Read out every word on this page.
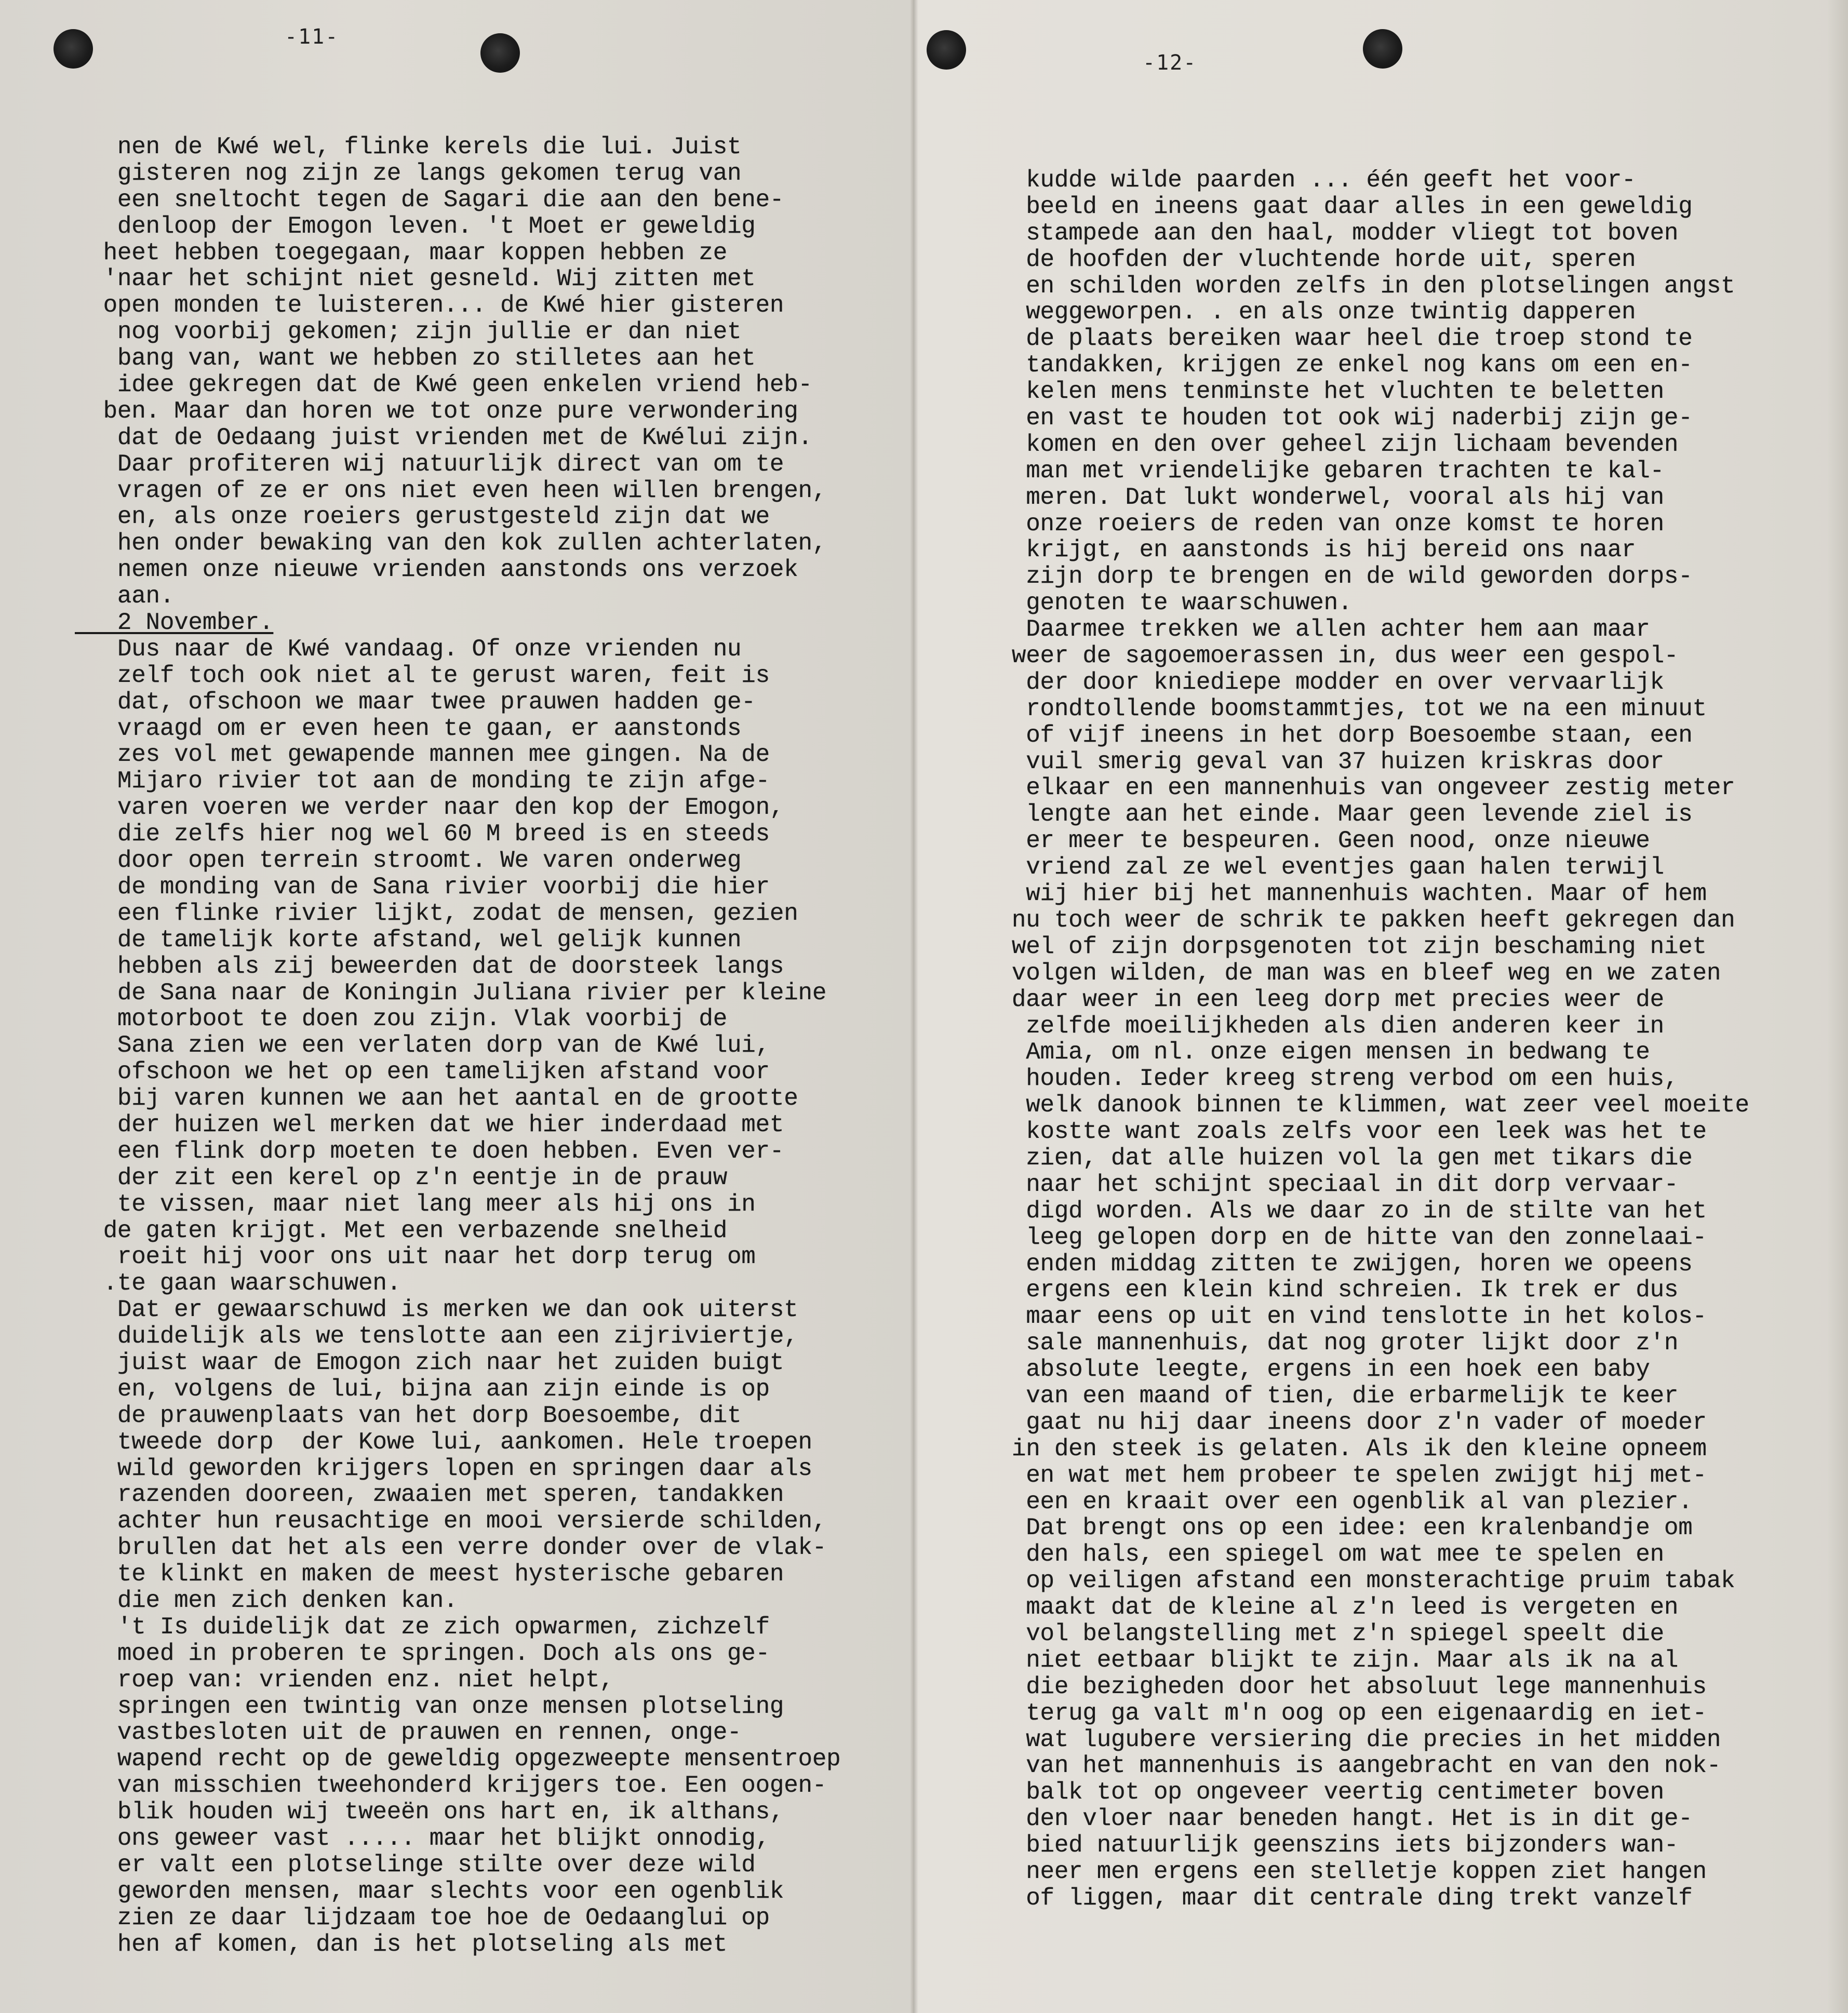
-11-
nen de Kwé wel, flinke kerels die lui. Juist
gisteren nog zijn ze langs gekomen terug van
een sneltocht tegen de Sagari die aan den bene-
denloop der Emogon leven. 't Moet er geweldig
heet hebben toegegaan, maar koppen hebben ze
'naar het schijnt niet gesneld. Wij zitten met
open monden te luisteren... de Kwé hier gisteren
nog voorbij gekomen; zijn jullie er dan niet
bang van, want we hebben zo stilletes aan het
idee gekregen dat de Kwé geen enkelen vriend heb-
ben. Maar dan horen we tot onze pure verwondering
dat de Oedaang juist vrienden met de Kwélui zijn.
Daar profiteren wij natuurlijk direct van om te
vragen of ze er ons niet even heen willen brengen,
en, als onze roeiers gerustgesteld zijn dat we
hen onder bewaking van den kok zullen achterlaten,
nemen onze nieuwe vrienden aanstonds ons verzoek
aan.
2 November.
Dus naar de Kwé vandaag. Of onze vrienden nu
zelf toch ook niet al te gerust waren, feit is
dat, ofschoon we maar twee prauwen hadden ge-
vraagd om er even heen te gaan, er aanstonds
zes vol met gewapende mannen mee gingen. Na de
Mijaro rivier tot aan de monding te zijn afge-
varen voeren we verder naar den kop der Emogon,
die zelfs hier nog wel 60 M breed is en steeds
door open terrein stroomt. We varen onderweg
de monding van de Sana rivier voorbij die hier
een flinke rivier lijkt, zodat de mensen, gezien
de tamelijk korte afstand, wel gelijk kunnen
hebben als zij beweerden dat de doorsteek langs
de Sana naar de Koningin Juliana rivier per kleine
motorboot te doen zou zijn. Vlak voorbij de
Sana zien we een verlaten dorp van de Kwé lui,
ofschoon we het op een tamelijken afstand voor
bij varen kunnen we aan het aantal en de grootte
der huizen wel merken dat we hier inderdaad met
een flink dorp moeten te doen hebben. Even ver-
der zit een kerel op z'n eentje in de prauw
te vissen, maar niet lang meer als hij ons in
de gaten krijgt. Met een verbazende snelheid
roeit hij voor ons uit naar het dorp terug om
.te gaan waarschuwen.
Dat er gewaarschuwd is merken we dan ook uiterst
duidelijk als we tenslotte aan een zijriviertje,
juist waar de Emogon zich naar het zuiden buigt
en, volgens de lui, bijna aan zijn einde is op
de prauwenplaats van het dorp Boesoembe, dit
tweede dorp  der Kowe lui, aankomen. Hele troepen
wild geworden krijgers lopen en springen daar als
razenden dooreen, zwaaien met speren, tandakken
achter hun reusachtige en mooi versierde schilden,
brullen dat het als een verre donder over de vlak-
te klinkt en maken de meest hysterische gebaren
die men zich denken kan.
't Is duidelijk dat ze zich opwarmen, zichzelf
moed in proberen te springen. Doch als ons ge-
roep van: vrienden enz. niet helpt,
springen een twintig van onze mensen plotseling
vastbesloten uit de prauwen en rennen, onge-
wapend recht op de geweldig opgezweepte mensentroep
van misschien tweehonderd krijgers toe. Een oogen-
blik houden wij tweeën ons hart en, ik althans,
ons geweer vast ..... maar het blijkt onnodig,
er valt een plotselinge stilte over deze wild
geworden mensen, maar slechts voor een ogenblik
zien ze daar lijdzaam toe hoe de Oedaanglui op
hen af komen, dan is het plotseling als met
-12-
kudde wilde paarden ... één geeft het voor-
beeld en ineens gaat daar alles in een geweldig
stampede aan den haal, modder vliegt tot boven
de hoofden der vluchtende horde uit, speren
en schilden worden zelfs in den plotselingen angst
weggeworpen. . en als onze twintig dapperen
de plaats bereiken waar heel die troep stond te
tandakken, krijgen ze enkel nog kans om een en-
kelen mens tenminste het vluchten te beletten
en vast te houden tot ook wij naderbij zijn ge-
komen en den over geheel zijn lichaam bevenden
man met vriendelijke gebaren trachten te kal-
meren. Dat lukt wonderwel, vooral als hij van
onze roeiers de reden van onze komst te horen
krijgt, en aanstonds is hij bereid ons naar
zijn dorp te brengen en de wild geworden dorps-
genoten te waarschuwen.
Daarmee trekken we allen achter hem aan maar
weer de sagoemoerassen in, dus weer een gespol-
der door kniediepe modder en over vervaarlijk
rondtollende boomstammtjes, tot we na een minuut
of vijf ineens in het dorp Boesoembe staan, een
vuil smerig geval van 37 huizen kriskras door
elkaar en een mannenhuis van ongeveer zestig meter
lengte aan het einde. Maar geen levende ziel is
er meer te bespeuren. Geen nood, onze nieuwe
vriend zal ze wel eventjes gaan halen terwijl
wij hier bij het mannenhuis wachten. Maar of hem
nu toch weer de schrik te pakken heeft gekregen dan
wel of zijn dorpsgenoten tot zijn beschaming niet
volgen wilden, de man was en bleef weg en we zaten
daar weer in een leeg dorp met precies weer de
zelfde moeilijkheden als dien anderen keer in
Amia, om nl. onze eigen mensen in bedwang te
houden. Ieder kreeg streng verbod om een huis,
welk danook binnen te klimmen, wat zeer veel moeite
kostte want zoals zelfs voor een leek was het te
zien, dat alle huizen vol la gen met tikars die
naar het schijnt speciaal in dit dorp vervaar-
digd worden. Als we daar zo in de stilte van het
leeg gelopen dorp en de hitte van den zonnelaai-
enden middag zitten te zwijgen, horen we opeens
ergens een klein kind schreien. Ik trek er dus
maar eens op uit en vind tenslotte in het kolos-
sale mannenhuis, dat nog groter lijkt door z'n
absolute leegte, ergens in een hoek een baby
van een maand of tien, die erbarmelijk te keer
gaat nu hij daar ineens door z'n vader of moeder
in den steek is gelaten. Als ik den kleine opneem
en wat met hem probeer te spelen zwijgt hij met-
een en kraait over een ogenblik al van plezier.
Dat brengt ons op een idee: een kralenbandje om
den hals, een spiegel om wat mee te spelen en
op veiligen afstand een monsterachtige pruim tabak
maakt dat de kleine al z'n leed is vergeten en
vol belangstelling met z'n spiegel speelt die
niet eetbaar blijkt te zijn. Maar als ik na al
die bezigheden door het absoluut lege mannenhuis
terug ga valt m'n oog op een eigenaardig en iet-
wat lugubere versiering die precies in het midden
van het mannenhuis is aangebracht en van den nok-
balk tot op ongeveer veertig centimeter boven
den vloer naar beneden hangt. Het is in dit ge-
bied natuurlijk geenszins iets bijzonders wan-
neer men ergens een stelletje koppen ziet hangen
of liggen, maar dit centrale ding trekt vanzelf
